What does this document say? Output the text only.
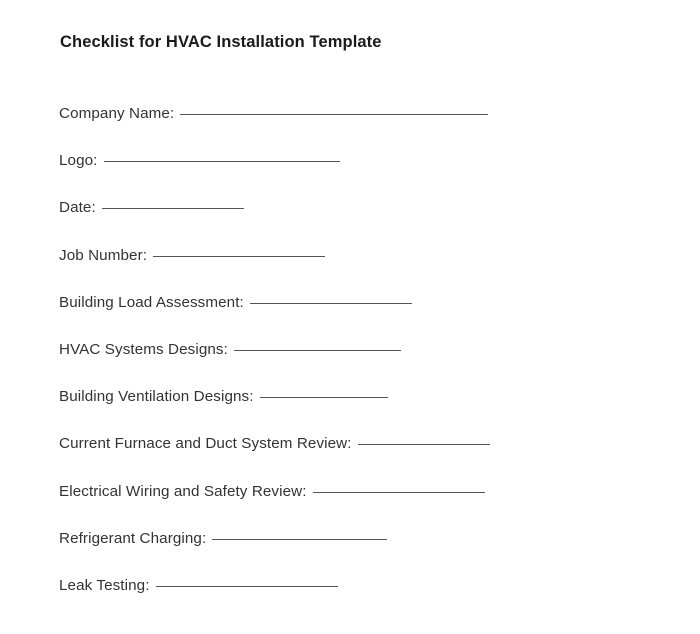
Checklist for HVAC Installation Template
Company Name:
Logo:
Date:
Job Number:
Building Load Assessment:
HVAC Systems Designs:
Building Ventilation Designs:
Current Furnace and Duct System Review:
Electrical Wiring and Safety Review:
Refrigerant Charging:
Leak Testing:
